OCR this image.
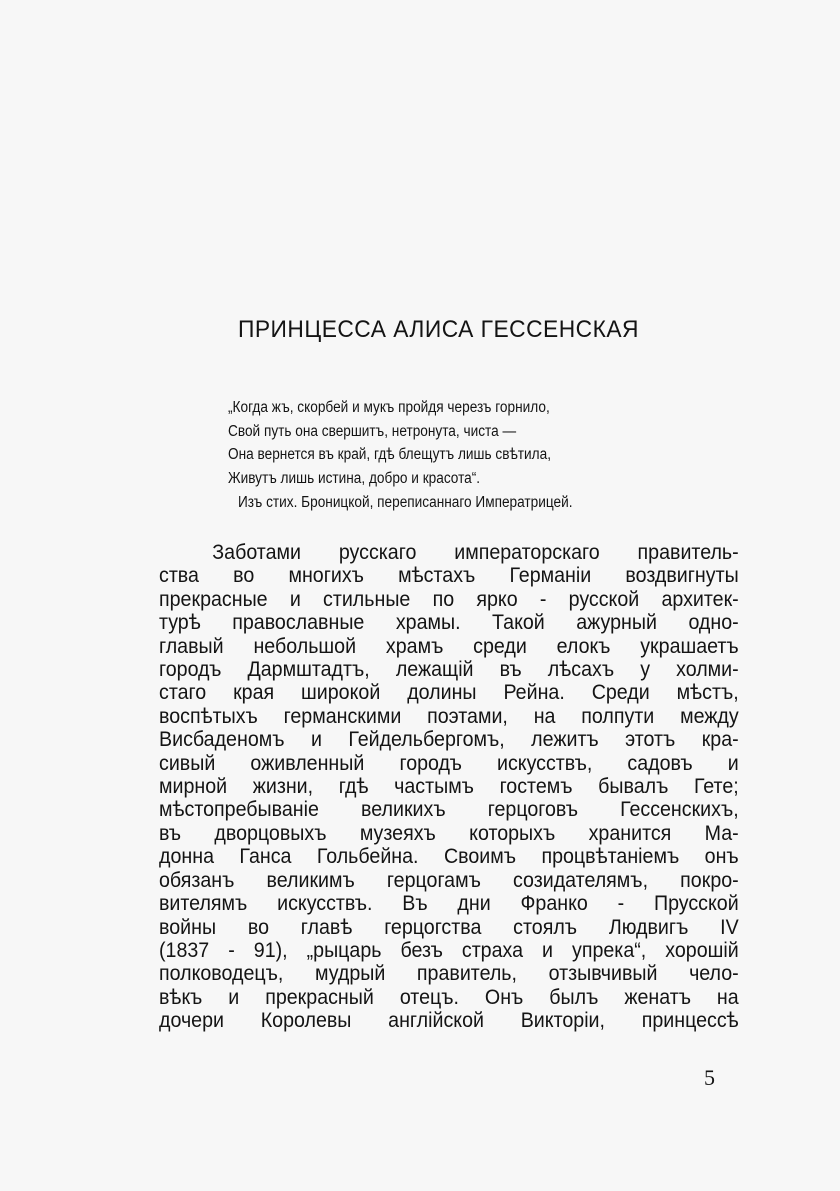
ПРИНЦЕССА АЛИСА ГЕССЕНСКАЯ
„Когда жъ, скорбей и мукъ пройдя черезъ горнило,
Свой путь она свершитъ, нетронута, чиста —
Она вернется въ край, гдѣ блещутъ лишь свѣтила,
Живутъ лишь истина, добро и красота“.
Изъ стих. Броницкой, переписаннаго Императрицей.
Заботами русскаго императорскаго правитель-
ства во многихъ мѣстахъ Германіи воздвигнуты
прекрасные и стильные по ярко - русской архитек-
турѣ православные храмы. Такой ажурный одно-
главый небольшой храмъ среди елокъ украшаетъ
городъ Дармштадтъ, лежащій въ лѣсахъ у холми-
стаго края широкой долины Рейна. Среди мѣстъ,
воспѣтыхъ германскими поэтами, на полпути между
Висбаденомъ и Гейдельбергомъ, лежитъ этотъ кра-
сивый оживленный городъ искусствъ, садовъ и
мирной жизни, гдѣ частымъ гостемъ бывалъ Гете;
мѣстопребываніе великихъ герцоговъ Гессенскихъ,
въ дворцовыхъ музеяхъ которыхъ хранится Ма-
донна Ганса Гольбейна. Своимъ процвѣтаніемъ онъ
обязанъ великимъ герцогамъ созидателямъ, покро-
вителямъ искусствъ. Въ дни Франко - Прусской
войны во главѣ герцогства стоялъ Людвигъ IV
(1837 - 91), „рыцарь безъ страха и упрека“, хорошій
полководецъ, мудрый правитель, отзывчивый чело-
вѣкъ и прекрасный отецъ. Онъ былъ женатъ на
дочери Королевы англійской Викторіи, принцессѣ
5
